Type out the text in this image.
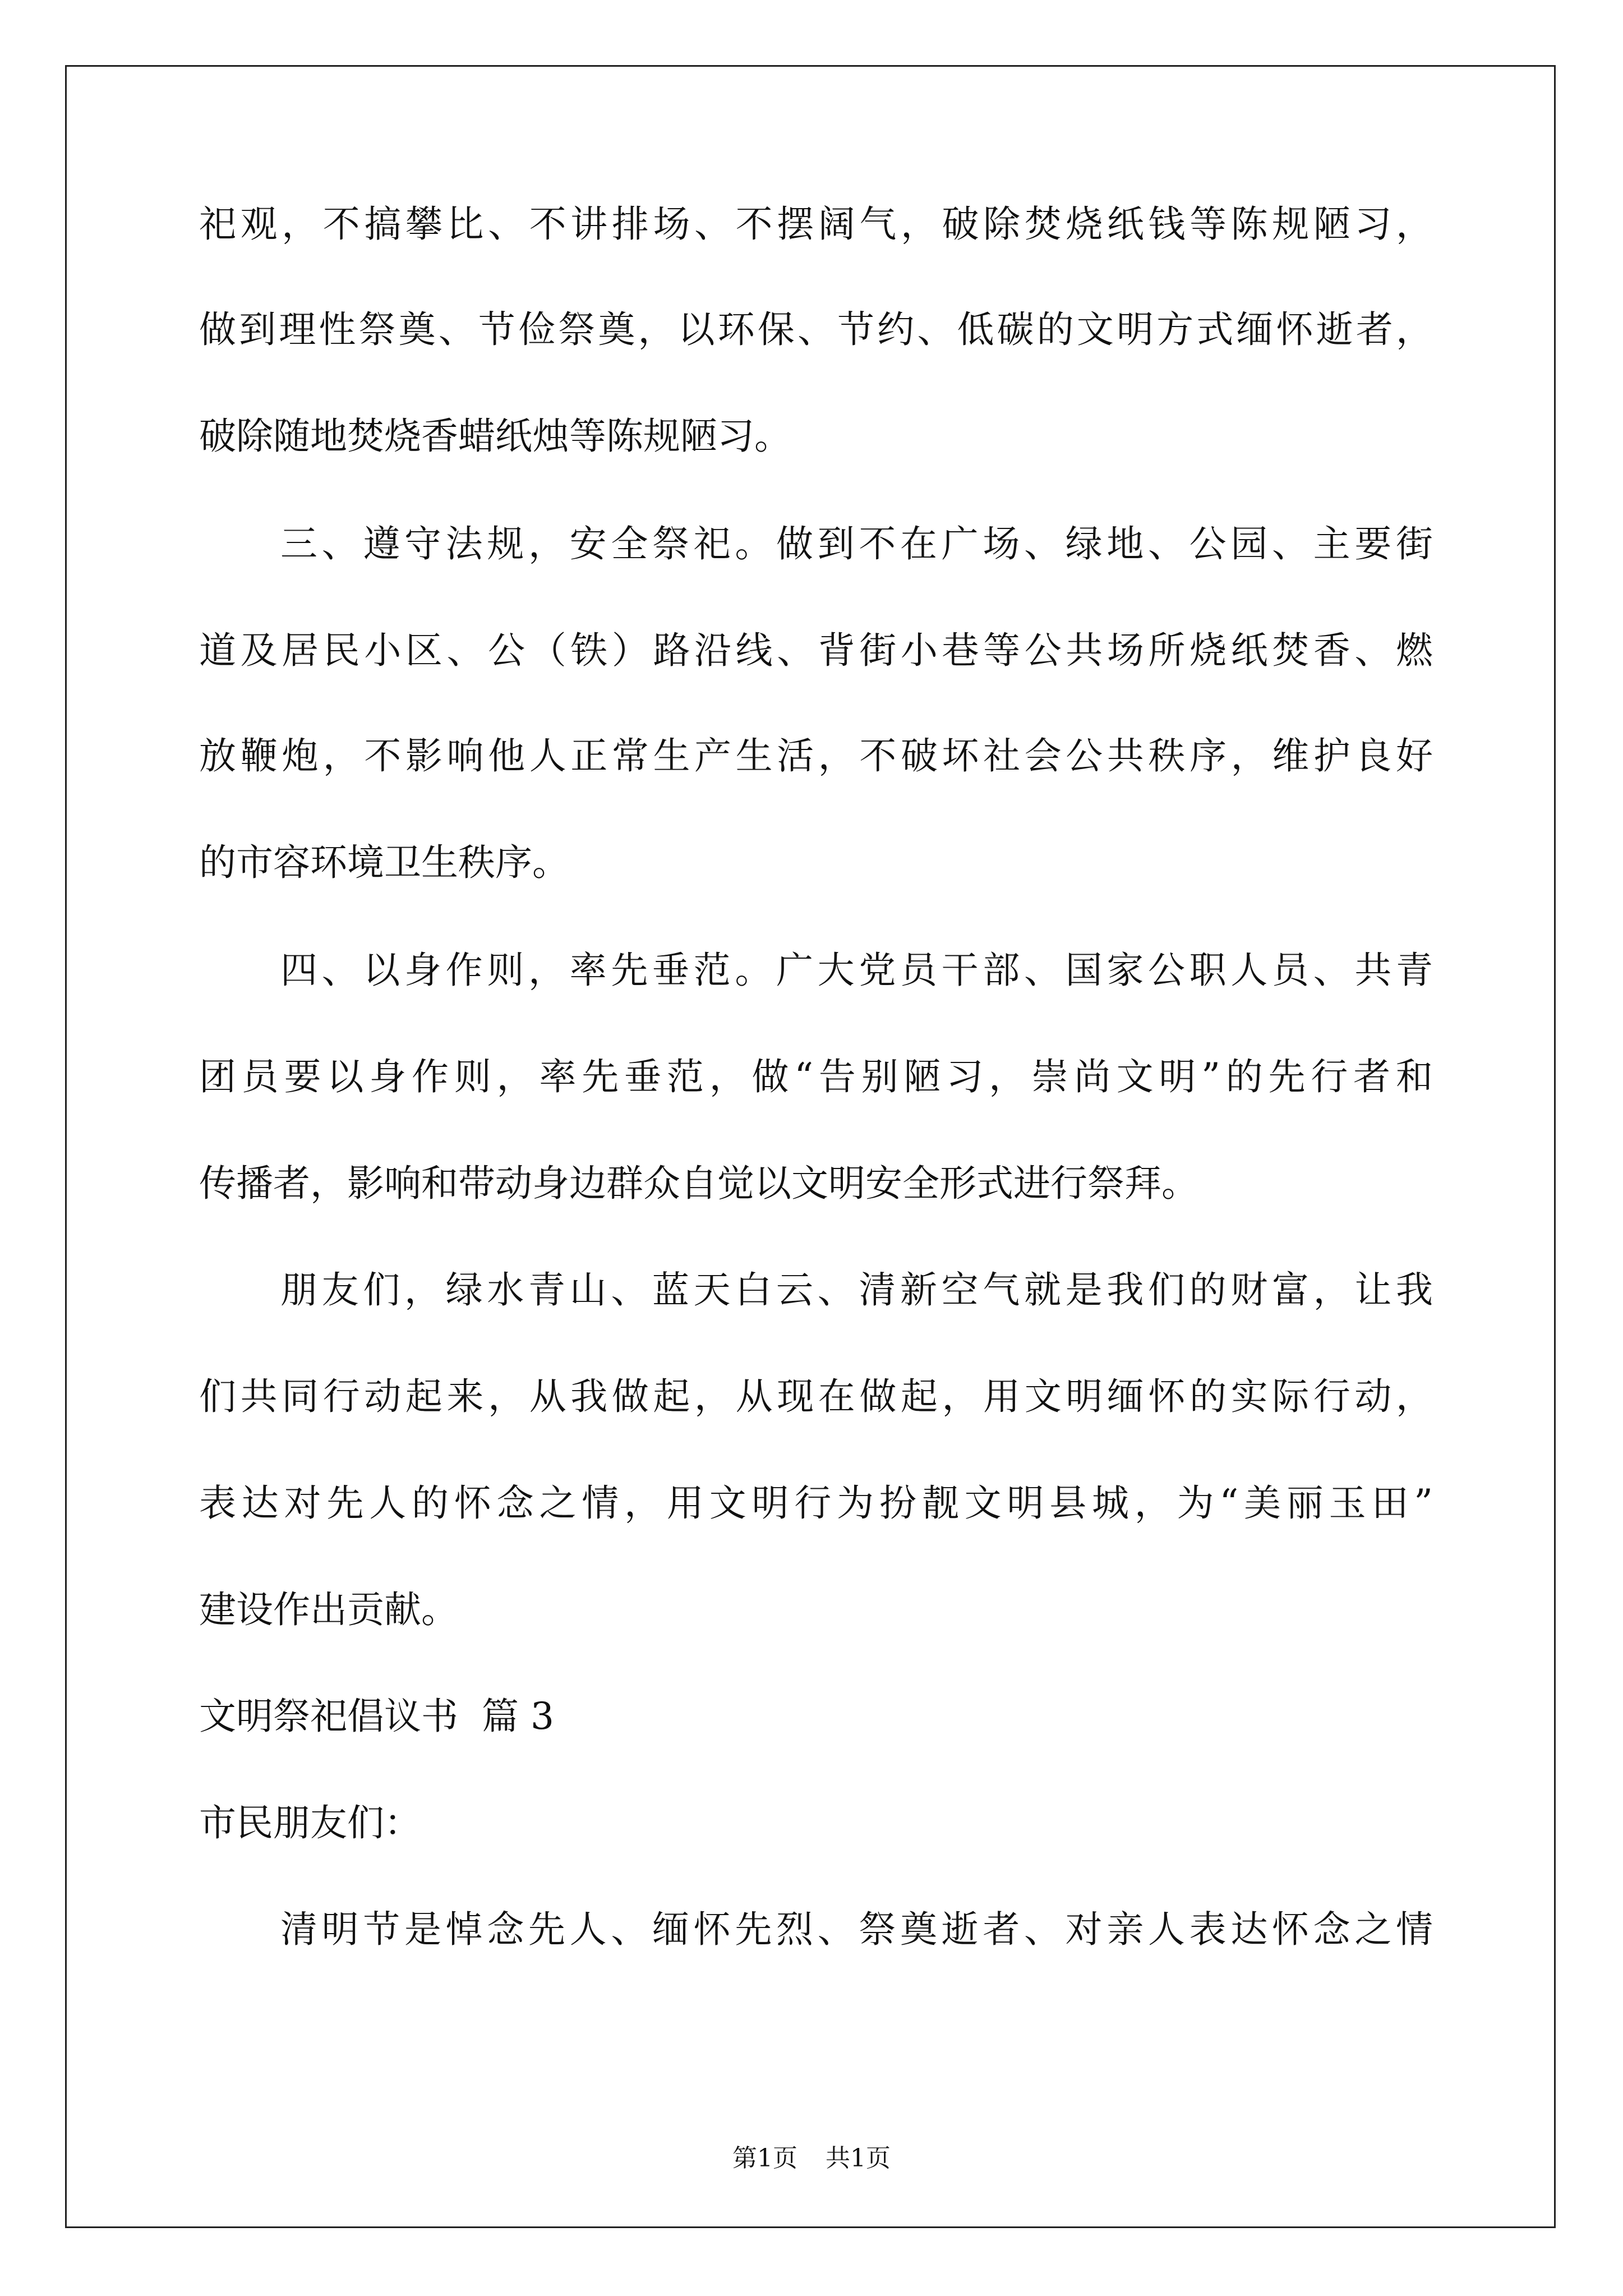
祀观，不搞攀比、不讲排场、不摆阔气，破除焚烧纸钱等陈规陋习，
做到理性祭奠、节俭祭奠，以环保、节约、低碳的文明方式缅怀逝者，
破除随地焚烧香蜡纸烛等陈规陋习。
三、遵守法规，安全祭祀。做到不在广场、绿地、公园、主要街
道及居民小区、公（铁）路沿线、背街小巷等公共场所烧纸焚香、燃
放鞭炮，不影响他人正常生产生活，不破坏社会公共秩序，维护良好
的市容环境卫生秩序。
四、以身作则，率先垂范。广大党员干部、国家公职人员、共青
团员要以身作则，率先垂范，做“告别陋习，崇尚文明”的先行者和
传播者，影响和带动身边群众自觉以文明安全形式进行祭拜。
朋友们，绿水青山、蓝天白云、清新空气就是我们的财富，让我
们共同行动起来，从我做起，从现在做起，用文明缅怀的实际行动，
表达对先人的怀念之情，用文明行为扮靓文明县城，为“美丽玉田”
建设作出贡献。
文明祭祀倡议书  篇 3
市民朋友们：
清明节是悼念先人、缅怀先烈、祭奠逝者、对亲人表达怀念之情
第1页 共1页
